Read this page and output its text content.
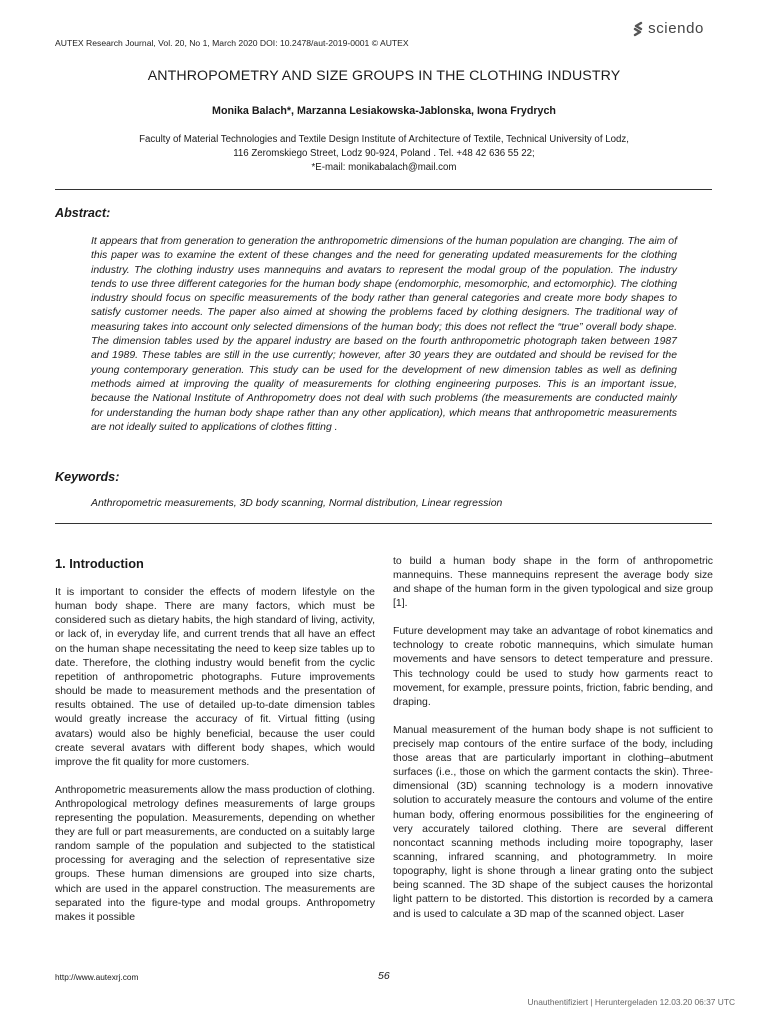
AUTEX Research Journal, Vol. 20, No 1, March 2020 DOI: 10.2478/aut-2019-0001 © AUTEX
sciendo
ANTHROPOMETRY AND SIZE GROUPS IN THE CLOTHING INDUSTRY
Monika Balach*, Marzanna Lesiakowska-Jablonska, Iwona Frydrych
Faculty of Material Technologies and Textile Design Institute of Architecture of Textile, Technical University of Lodz,
116 Zeromskiego Street, Lodz 90-924, Poland . Tel. +48 42 636 55 22;
*E-mail: monikabalach@mail.com
Abstract:
It appears that from generation to generation the anthropometric dimensions of the human population are changing. The aim of this paper was to examine the extent of these changes and the need for generating updated measurements for the clothing industry. The clothing industry uses mannequins and avatars to represent the modal group of the population. The industry tends to use three different categories for the human body shape (endomorphic, mesomorphic, and ectomorphic). The clothing industry should focus on specific measurements of the body rather than general categories and create more body shapes to satisfy customer needs. The paper also aimed at showing the problems faced by clothing designers. The traditional way of measuring takes into account only selected dimensions of the human body; this does not reflect the “true” overall body shape. The dimension tables used by the apparel industry are based on the fourth anthropometric photograph taken between 1987 and 1989. These tables are still in the use currently; however, after 30 years they are outdated and should be revised for the young contemporary generation. This study can be used for the development of new dimension tables as well as defining methods aimed at improving the quality of measurements for clothing engineering purposes. This is an important issue, because the National Institute of Anthropometry does not deal with such problems (the measurements are conducted mainly for understanding the human body shape rather than any other application), which means that anthropometric measurements are not ideally suited to applications of clothes fitting .
Keywords:
Anthropometric measurements, 3D body scanning, Normal distribution, Linear regression
1. Introduction

It is important to consider the effects of modern lifestyle on the human body shape. There are many factors, which must be considered such as dietary habits, the high standard of living, activity, or lack of, in everyday life, and current trends that all have an effect on the human shape necessitating the need to keep size tables up to date. Therefore, the clothing industry would benefit from the cyclic repetition of anthropometric photographs. Future improvements should be made to measurement methods and the presentation of results obtained. The use of detailed up-to-date dimension tables would greatly increase the accuracy of fit. Virtual fitting (using avatars) would also be highly beneficial, because the user could create several avatars with different body shapes, which would improve the fit quality for more customers.

Anthropometric measurements allow the mass production of clothing. Anthropological metrology defines measurements of large groups representing the population. Measurements, depending on whether they are full or part measurements, are conducted on a suitably large random sample of the population and subjected to the statistical processing for averaging and the selection of representative size groups. These human dimensions are grouped into size charts, which are used in the apparel construction. The measurements are separated into the figure-type and modal groups. Anthropometry makes it possible

to build a human body shape in the form of anthropometric mannequins. These mannequins represent the average body size and shape of the human form in the given typological and size group [1].

Future development may take an advantage of robot kinematics and technology to create robotic mannequins, which simulate human movements and have sensors to detect temperature and pressure. This technology could be used to study how garments react to movement, for example, pressure points, friction, fabric bending, and draping.

Manual measurement of the human body shape is not sufficient to precisely map contours of the entire surface of the body, including those areas that are particularly important in clothing–abutment surfaces (i.e., those on which the garment contacts the skin). Three-dimensional (3D) scanning technology is a modern innovative solution to accurately measure the contours and volume of the entire human body, offering enormous possibilities for the engineering of very accurately tailored clothing. There are several different noncontact scanning methods including moire topography, laser scanning, infrared scanning, and photogrammetry. In moire topography, light is shone through a linear grating onto the subject being scanned. The 3D shape of the subject causes the horizontal light pattern to be distorted. This distortion is recorded by a camera and is used to calculate a 3D map of the scanned object. Laser

http://www.autexrj.com	56
Unauthentifiziert | Heruntergeladen 12.03.20 06:37 UTC
